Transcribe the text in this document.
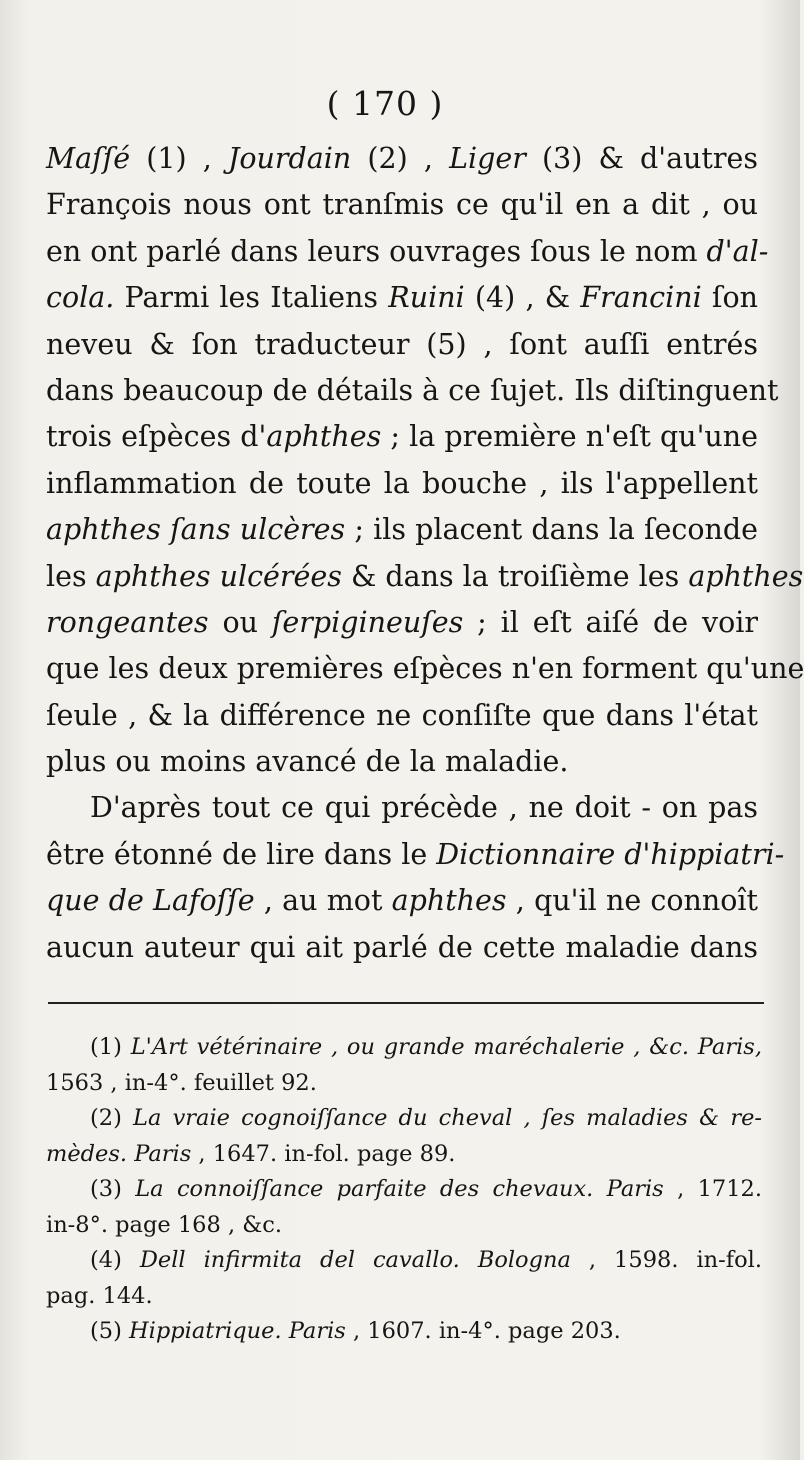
( 170 )
Maſſé (1) , Jourdain (2) , Liger (3) & d'autres
François nous ont tranſmis ce qu'il en a dit , ou
en ont parlé dans leurs ouvrages ſous le nom d'al-
cola. Parmi les Italiens Ruini (4) , & Francini ſon
neveu & ſon traducteur (5) , ſont auſſi entrés
dans beaucoup de détails à ce ſujet. Ils diſtinguent
trois eſpèces d'aphthes ; la première n'eſt qu'une
inflammation de toute la bouche , ils l'appellent
aphthes ſans ulcères ; ils placent dans la ſeconde
les aphthes ulcérées & dans la troiſième les aphthes
rongeantes ou ſerpigineuſes ; il eſt aiſé de voir
que les deux premières eſpèces n'en forment qu'une
ſeule , & la différence ne conſiſte que dans l'état
plus ou moins avancé de la maladie.
D'après tout ce qui précède , ne doit - on pas
être étonné de lire dans le Dictionnaire d'hippiatri-
que de Lafoſſe , au mot aphthes , qu'il ne connoît
aucun auteur qui ait parlé de cette maladie dans
(1) L'Art vétérinaire , ou grande maréchalerie , &c. Paris,
1563 , in-4°. feuillet 92.
(2) La vraie cognoiſſance du cheval , ſes maladies & re-
mèdes. Paris , 1647. in-fol. page 89.
(3) La connoiſſance parfaite des chevaux. Paris , 1712.
in-8°. page 168 , &c.
(4) Dell infirmita del cavallo. Bologna , 1598. in-fol.
pag. 144.
(5) Hippiatrique. Paris , 1607. in-4°. page 203.
